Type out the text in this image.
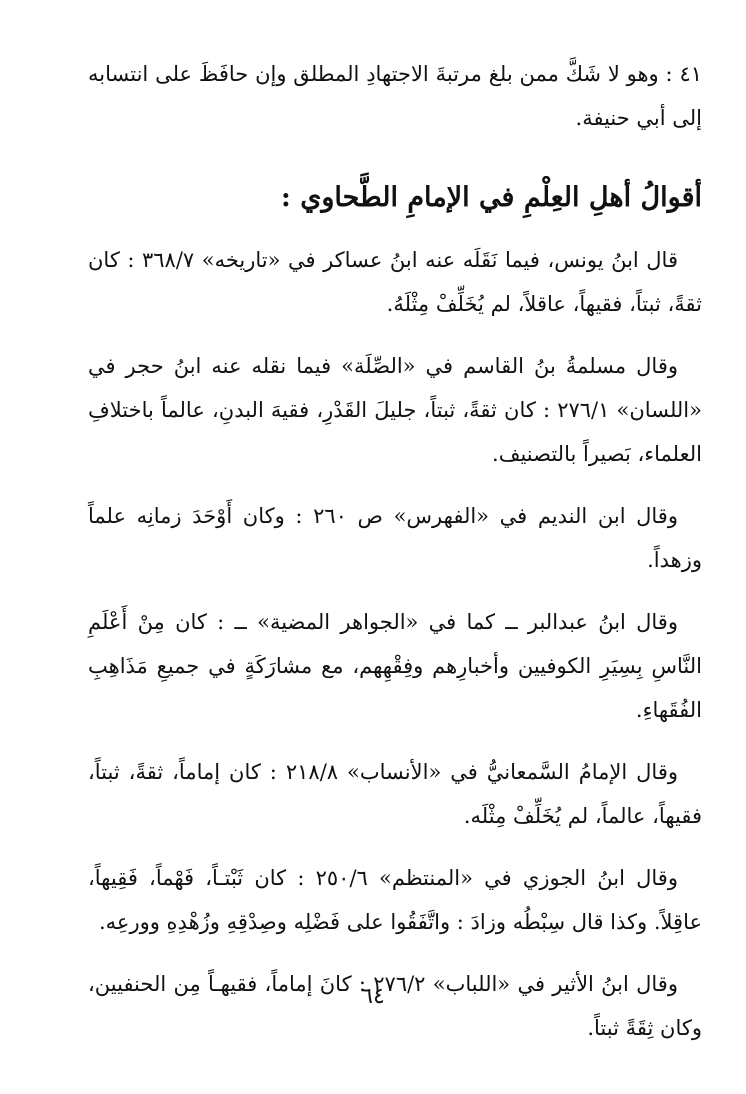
٤١ : وهو لا شَكَّ ممن بلغ مرتبةَ الاجتهادِ المطلق وإن حافَظَ على انتسابه إلى أبي حنيفة.

أقوالُ أهلِ العِلْمِ في الإمامِ الطَّحاوي :

قال ابنُ يونس، فيما نَقَلَه عنه ابنُ عساكر في «تاريخه» ٣٦٨/٧ : كان ثقةً، ثبتاً، فقيهاً، عاقلاً، لم يُخَلِّفْ مِثْلَهُ.

وقال مسلمةُ بنُ القاسم في «الصِّلَة» فيما نقله عنه ابنُ حجر في «اللسان» ٢٧٦/١ : كان ثقةً، ثبتاً، جليلَ القَدْرِ، فقيهَ البدنِ، عالماً باختلافِ العلماء، بَصيراً بالتصنيف.

وقال ابن النديم في «الفهرس» ص ٢٦٠ : وكان أَوْحَدَ زمانِه علماً وزهداً.

وقال ابنُ عبدالبر ــ كما في «الجواهر المضية» ــ : كان مِنْ أَعْلَمِ النَّاسِ بِسِيَرِ الكوفيين وأخبارِهم وفِقْهِهم، مع مشارَكَةٍ في جميعِ مَذَاهِبِ الفُقَهاءِ.

وقال الإمامُ السَّمعانيُّ في «الأنساب» ٢١٨/٨ : كان إماماً، ثقةً، ثبتاً، فقيهاً، عالماً، لم يُخَلِّفْ مِثْلَه.

وقال ابنُ الجوزي في «المنتظم» ٢٥٠/٦ : كان ثَبْتـاً، فَهْماً، فَقِيهاً، عاقِلاً. وكذا قال سِبْطُه وزادَ : واتَّفَقُوا على فَضْلِه وصِدْقِهِ وزُهْدِهِ وورعِه.

وقال ابنُ الأثير في «اللباب» ٢٧٦/٢ : كانَ إماماً، فقيهـاً مِن الحنفيين، وكان ثِقَةً ثبتاً.

٦٤
